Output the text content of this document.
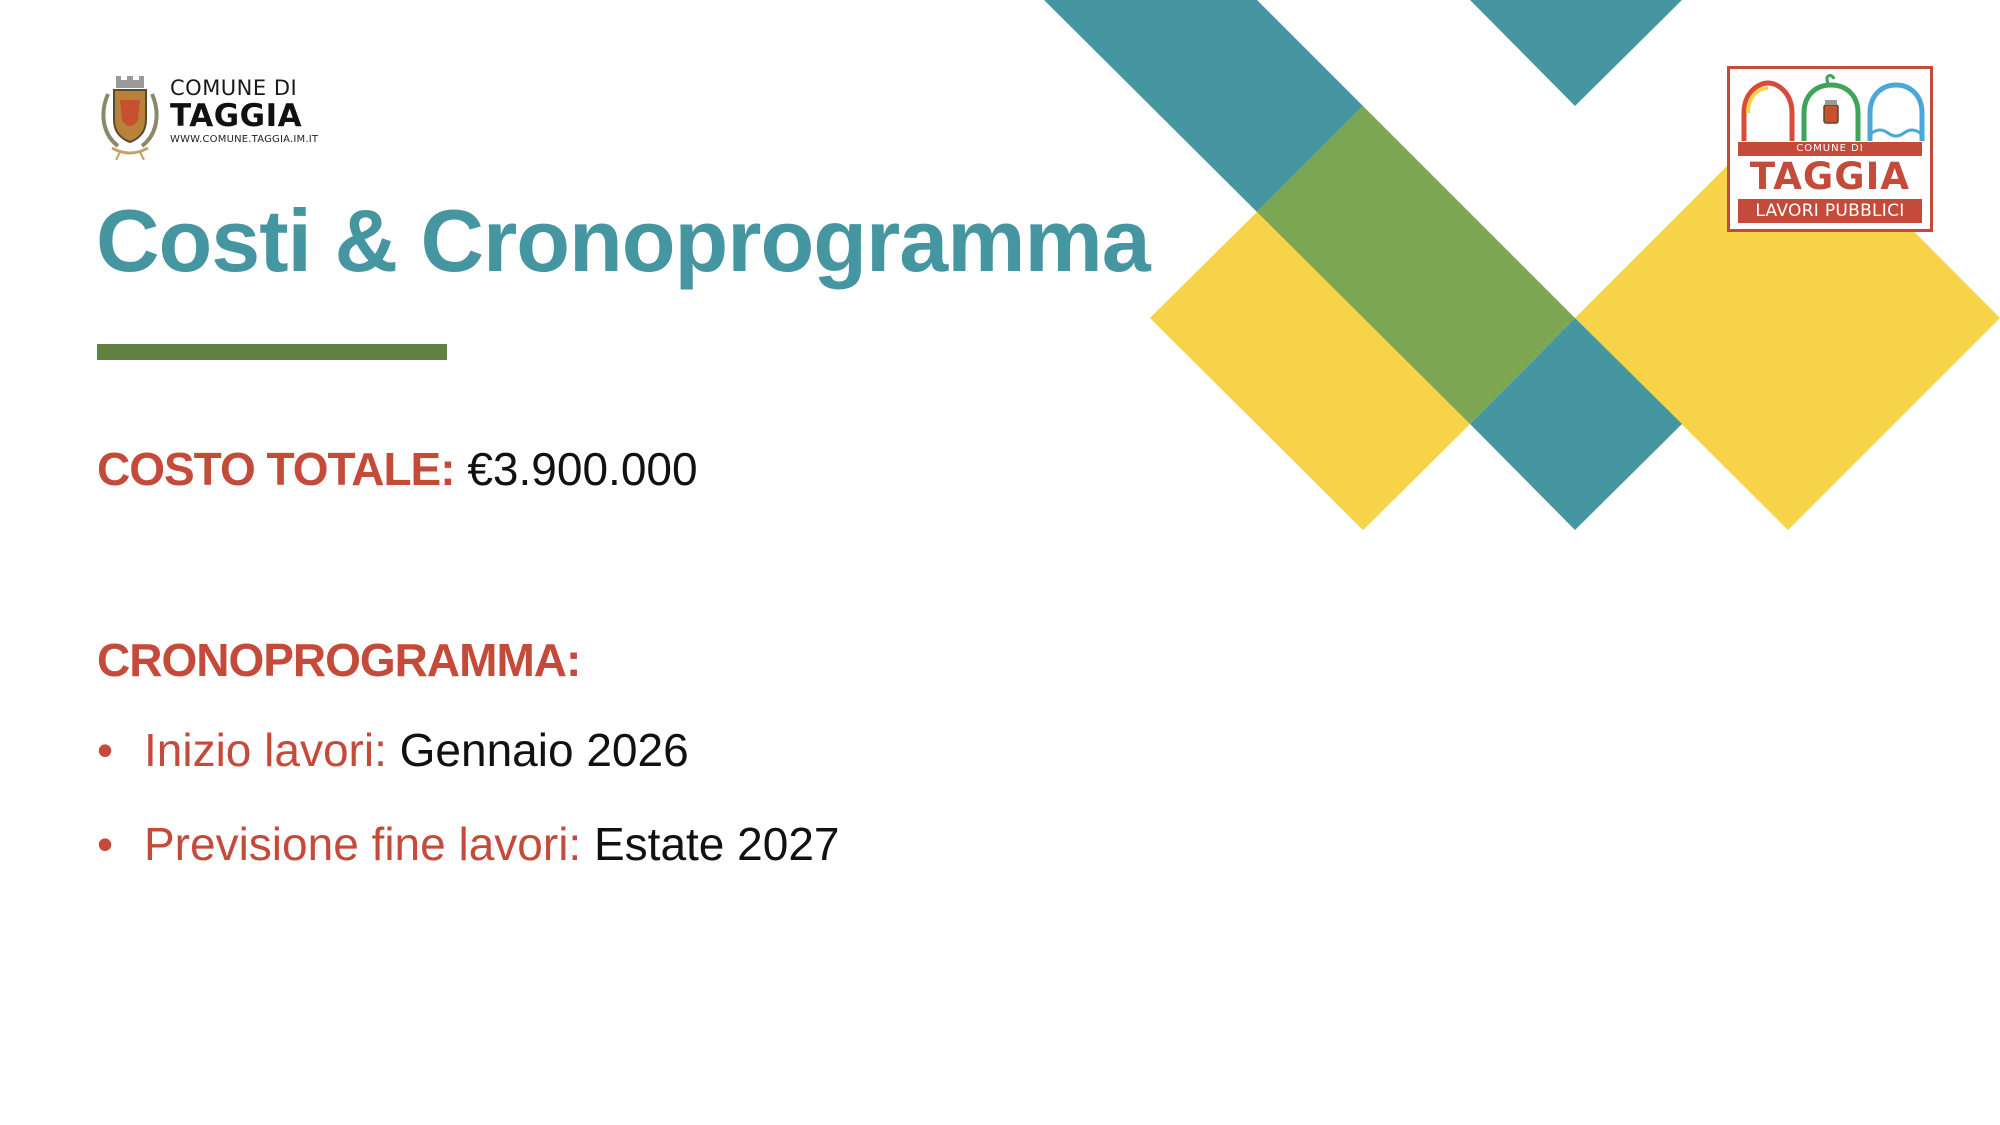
COMUNE DI
TAGGIA
WWW.COMUNE.TAGGIA.IM.IT
COMUNE DI
TAGGIA
LAVORI PUBBLICI
Costi & Cronoprogramma
COSTO TOTALE: €3.900.000
CRONOPROGRAMMA:
• Inizio lavori: Gennaio 2026
• Previsione fine lavori: Estate 2027
